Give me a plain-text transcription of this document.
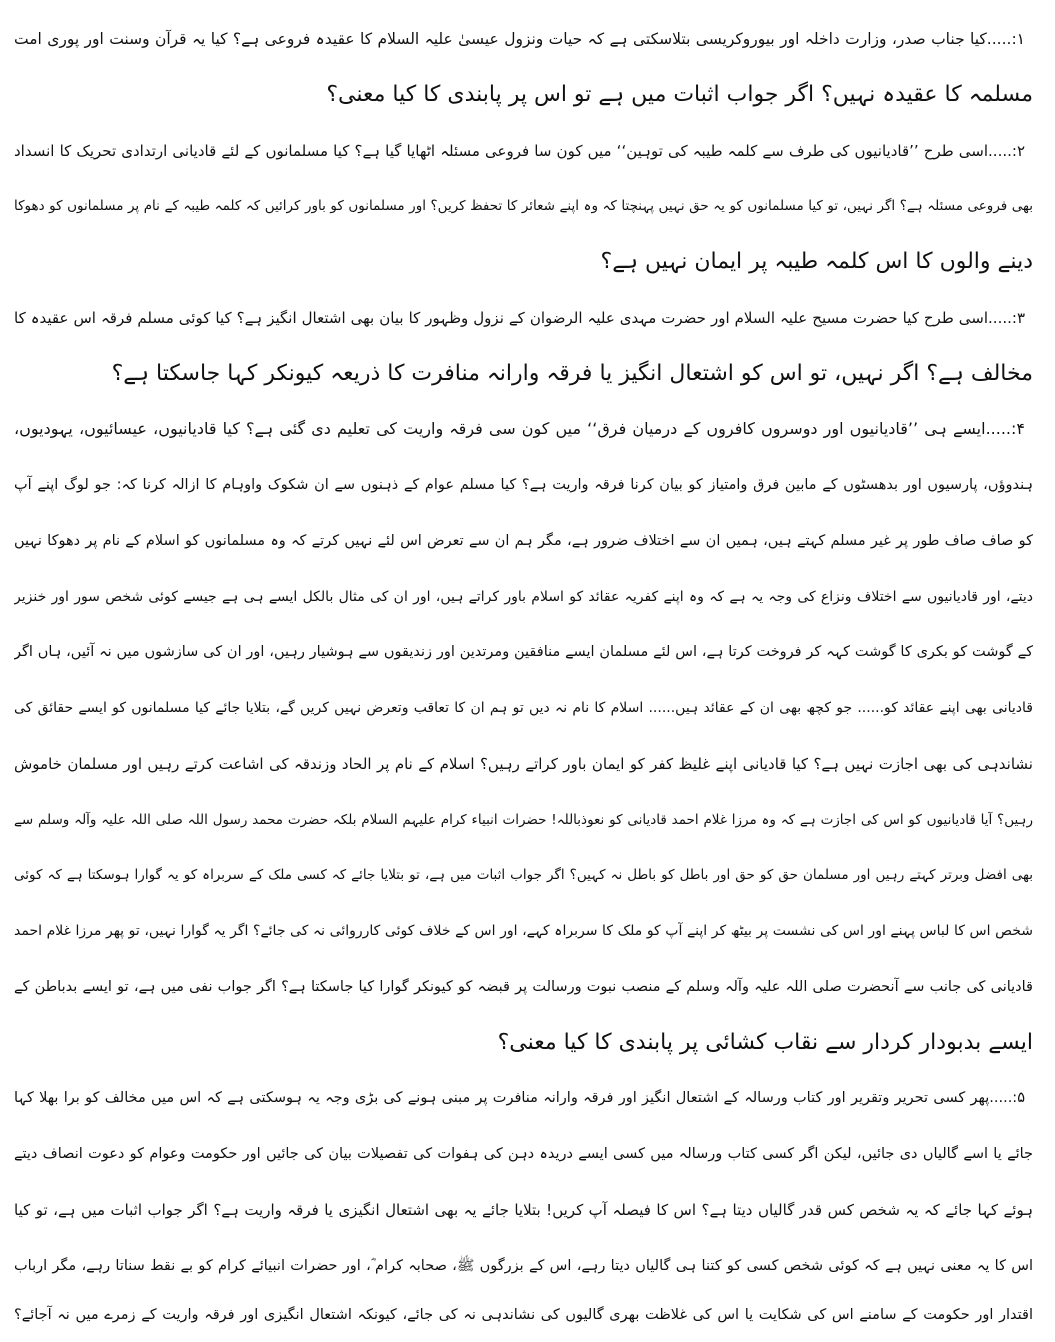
۱:.....کیا جناب صدر، وزارت داخلہ اور بیوروکریسی بتلاسکتی ہے کہ حیات ونزول عیسیٰ علیہ السلام کا عقیدہ فروعی ہے؟ کیا یہ قرآن وسنت اور پوری امت
مسلمہ کا عقیدہ نہیں؟ اگر جواب اثبات میں ہے تو اس پر پابندی کا کیا معنی؟
۲:.....اسی طرح ’’قادیانیوں کی طرف سے کلمہ طیبہ کی توہین‘‘ میں کون سا فروعی مسئلہ اٹھایا گیا ہے؟ کیا مسلمانوں کے لئے قادیانی ارتدادی تحریک کا انسداد
بھی فروعی مسئلہ ہے؟ اگر نہیں، تو کیا مسلمانوں کو یہ حق نہیں پہنچتا کہ وہ اپنے شعائر کا تحفظ کریں؟ اور مسلمانوں کو باور کرائیں کہ کلمہ طیبہ کے نام پر مسلمانوں کو دھوکا
دینے والوں کا اس کلمہ طیبہ پر ایمان نہیں ہے؟
۳:.....اسی طرح کیا حضرت مسیح علیہ السلام اور حضرت مہدی علیہ الرضوان کے نزول وظہور کا بیان بھی اشتعال انگیز ہے؟ کیا کوئی مسلم فرقہ اس عقیدہ کا
مخالف ہے؟ اگر نہیں، تو اس کو اشتعال انگیز یا فرقہ وارانہ منافرت کا ذریعہ کیونکر کہا جاسکتا ہے؟
۴:.....ایسے ہی ’’قادیانیوں اور دوسروں کافروں کے درمیان فرق‘‘ میں کون سی فرقہ واریت کی تعلیم دی گئی ہے؟ کیا قادیانیوں، عیسائیوں، یہودیوں،
ہندوؤں، پارسیوں اور بدھسٹوں کے مابین فرق وامتیاز کو بیان کرنا فرقہ واریت ہے؟ کیا مسلم عوام کے ذہنوں سے ان شکوک واوہام کا ازالہ کرنا کہ: جو لوگ اپنے آپ
کو صاف صاف طور پر غیر مسلم کہتے ہیں، ہمیں ان سے اختلاف ضرور ہے، مگر ہم ان سے تعرض اس لئے نہیں کرتے کہ وہ مسلمانوں کو اسلام کے نام پر دھوکا نہیں
دیتے، اور قادیانیوں سے اختلاف ونزاع کی وجہ یہ ہے کہ وہ اپنے کفریہ عقائد کو اسلام باور کراتے ہیں، اور ان کی مثال بالکل ایسے ہی ہے جیسے کوئی شخص سور اور خنزیر
کے گوشت کو بکری کا گوشت کہہ کر فروخت کرتا ہے، اس لئے مسلمان ایسے منافقین ومرتدین اور زندیقوں سے ہوشیار رہیں، اور ان کی سازشوں میں نہ آئیں، ہاں اگر
قادیانی بھی اپنے عقائد کو...... جو کچھ بھی ان کے عقائد ہیں...... اسلام کا نام نہ دیں تو ہم ان کا تعاقب وتعرض نہیں کریں گے، بتلایا جائے کیا مسلمانوں کو ایسے حقائق کی
نشاندہی کی بھی اجازت نہیں ہے؟ کیا قادیانی اپنے غلیظ کفر کو ایمان باور کراتے رہیں؟ اسلام کے نام پر الحاد وزندقہ کی اشاعت کرتے رہیں اور مسلمان خاموش
رہیں؟ آیا قادیانیوں کو اس کی اجازت ہے کہ وہ مرزا غلام احمد قادیانی کو نعوذباللہ! حضرات انبیاء کرام علیہم السلام بلکہ حضرت محمد رسول اللہ صلی اللہ علیہ وآلہ وسلم سے
بھی افضل وبرتر کہتے رہیں اور مسلمان حق کو حق اور باطل کو باطل نہ کہیں؟ اگر جواب اثبات میں ہے، تو بتلایا جائے کہ کسی ملک کے سربراہ کو یہ گوارا ہوسکتا ہے کہ کوئی
شخص اس کا لباس پہنے اور اس کی نشست پر بیٹھ کر اپنے آپ کو ملک کا سربراہ کہے، اور اس کے خلاف کوئی کارروائی نہ کی جائے؟ اگر یہ گوارا نہیں، تو پھر مرزا غلام احمد
قادیانی کی جانب سے آنحضرت صلی اللہ علیہ وآلہ وسلم کے منصب نبوت ورسالت پر قبضہ کو کیونکر گوارا کیا جاسکتا ہے؟ اگر جواب نفی میں ہے، تو ایسے بدباطن کے
ایسے بدبودار کردار سے نقاب کشائی پر پابندی کا کیا معنی؟
۵:.....پھر کسی تحریر وتقریر اور کتاب ورسالہ کے اشتعال انگیز اور فرقہ وارانہ منافرت پر مبنی ہونے کی بڑی وجہ یہ ہوسکتی ہے کہ اس میں مخالف کو برا بھلا کہا
جائے یا اسے گالیاں دی جائیں، لیکن اگر کسی کتاب ورسالہ میں کسی ایسے دریدہ دہن کی ہفوات کی تفصیلات بیان کی جائیں اور حکومت وعوام کو دعوت انصاف دیتے
ہوئے کہا جائے کہ یہ شخص کس قدر گالیاں دیتا ہے؟ اس کا فیصلہ آپ کریں! بتلایا جائے یہ بھی اشتعال انگیزی یا فرقہ واریت ہے؟ اگر جواب اثبات میں ہے، تو کیا
اس کا یہ معنی نہیں ہے کہ کوئی شخص کسی کو کتنا ہی گالیاں دیتا رہے، اس کے بزرگوں ﷺ، صحابہ کرام ؓ، اور حضرات انبیائے کرام کو بے نقط سناتا رہے، مگر ارباب
اقتدار اور حکومت کے سامنے اس کی شکایت یا اس کی غلاظت بھری گالیوں کی نشاندہی نہ کی جائے، کیونکہ اشتعال انگیزی اور فرقہ واریت کے زمرے میں نہ آجائے؟
